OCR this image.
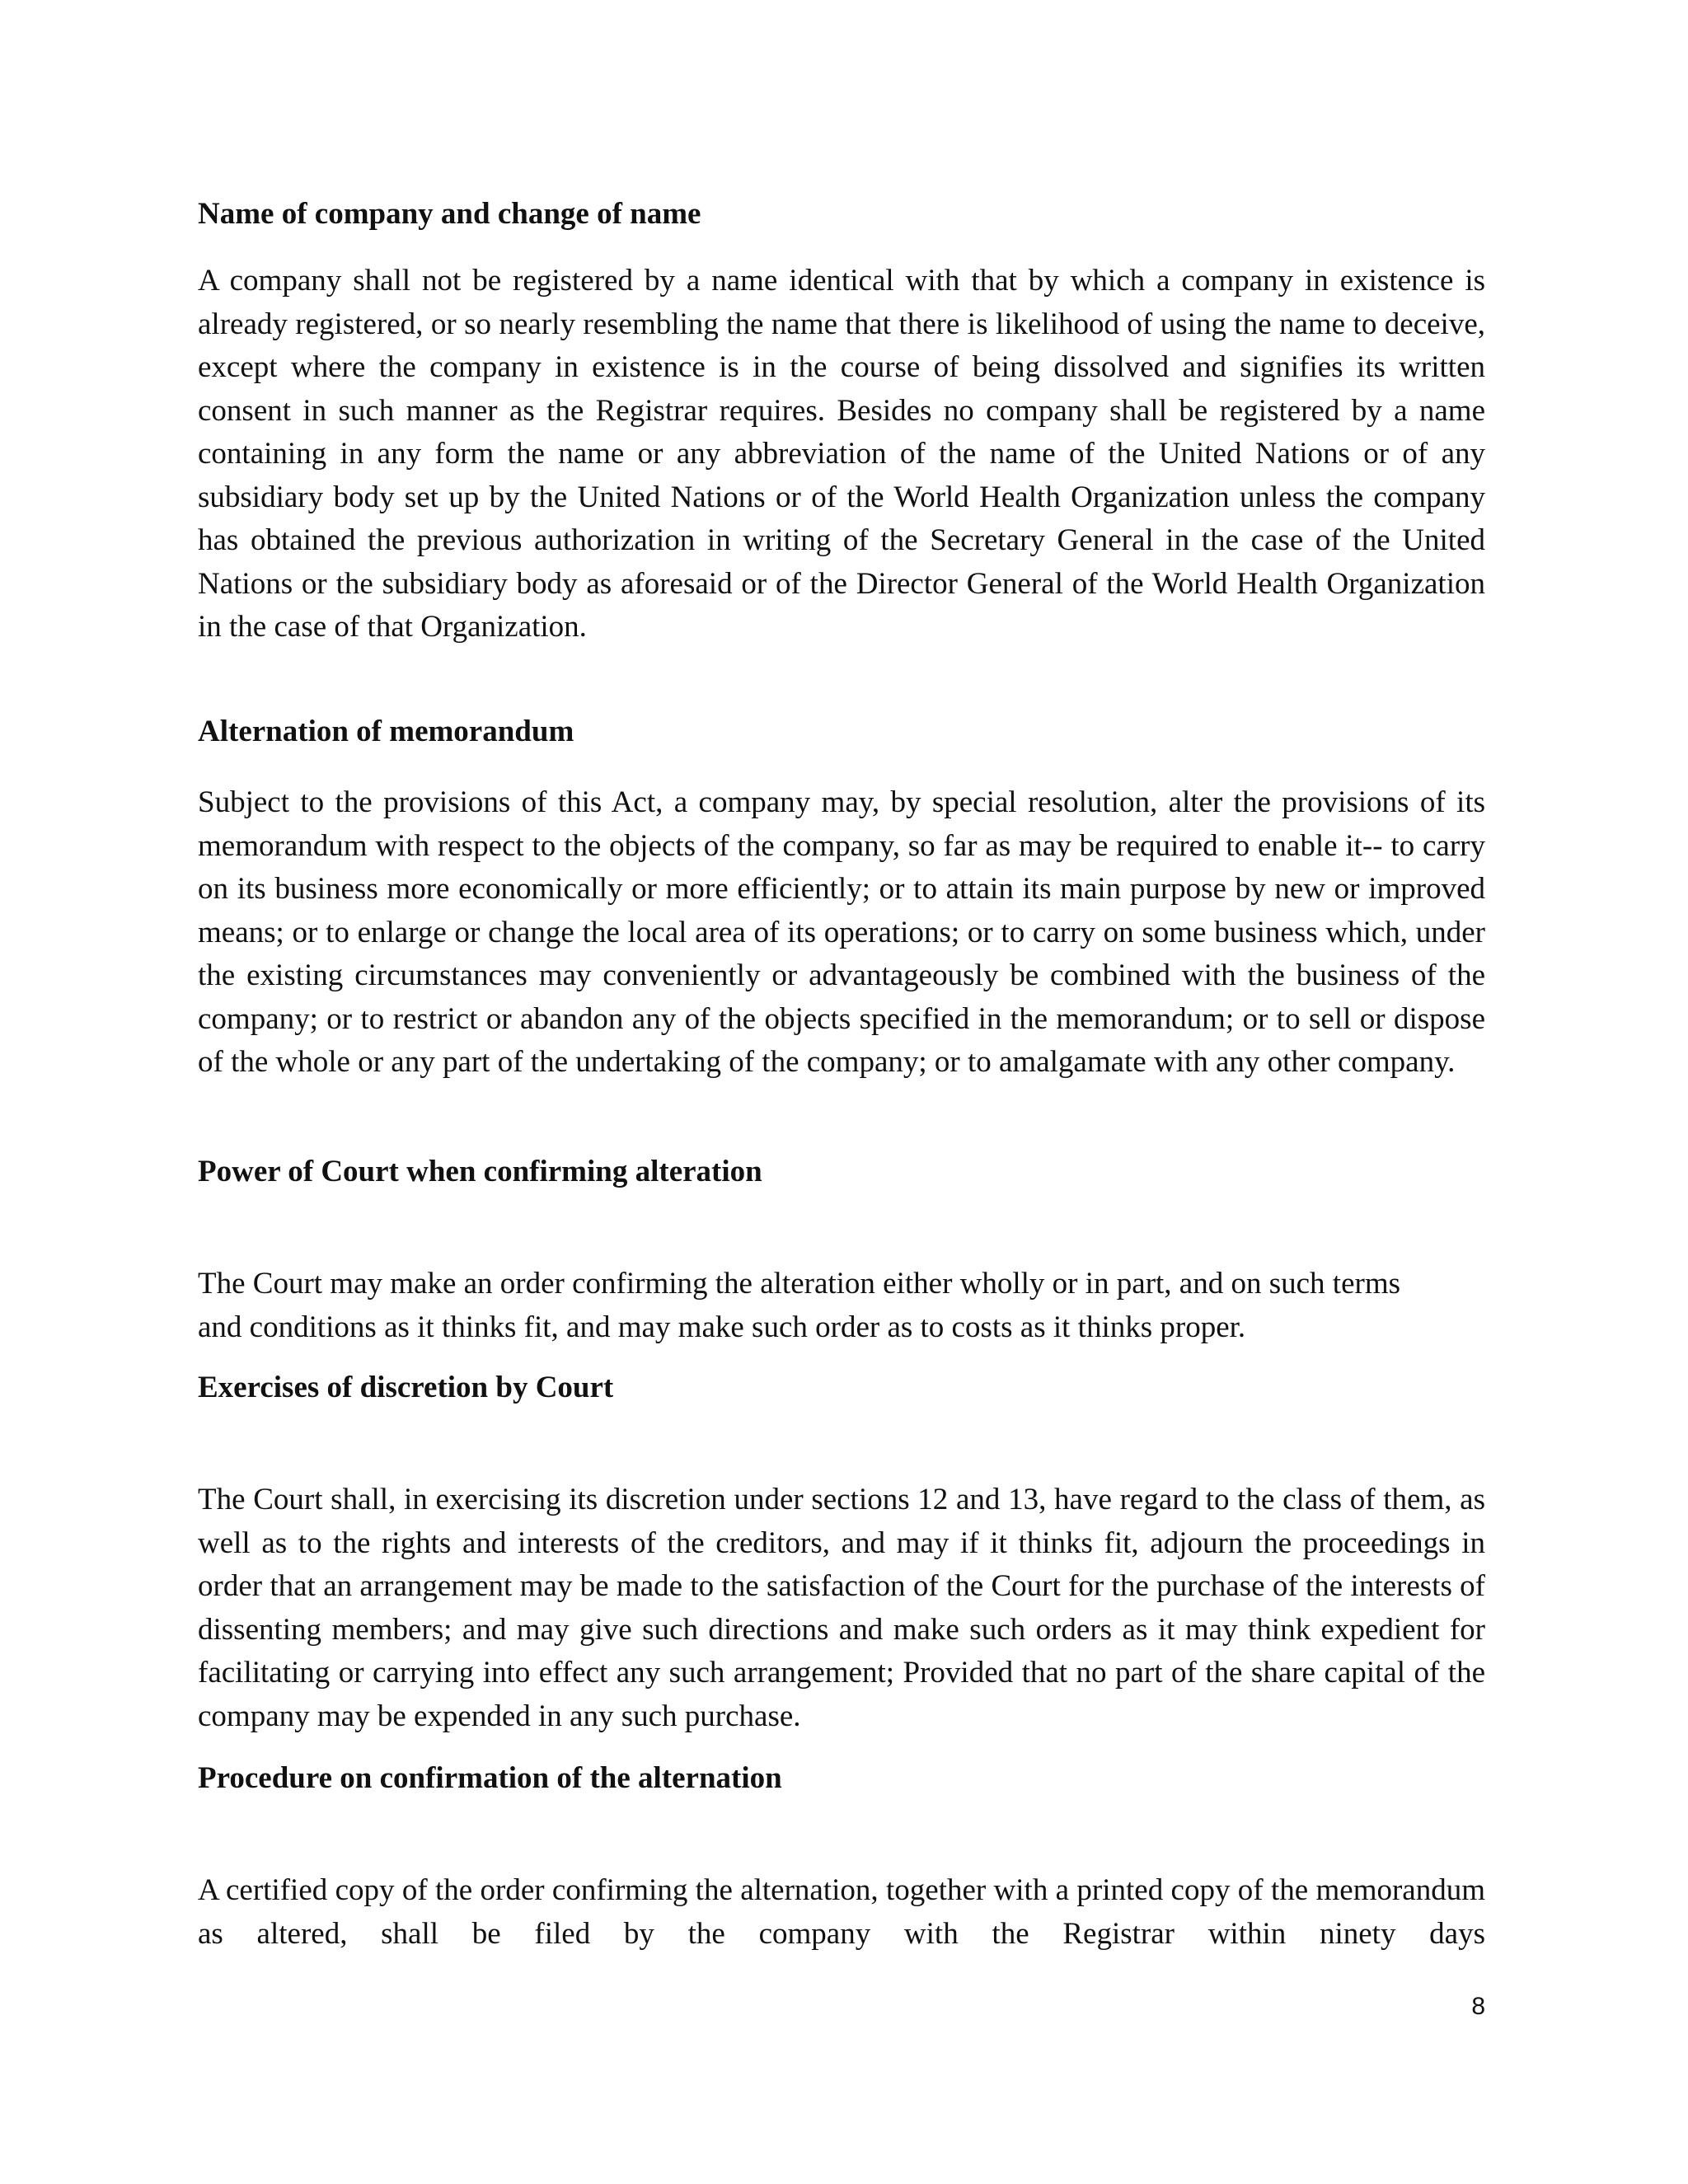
Name of company and change of name

A company shall not be registered by a name identical with that by which a company in existence is already registered, or so nearly resembling the name that there is likelihood of using the name to deceive, except where the company in existence is in the course of being dissolved and signifies its written consent in such manner as the Registrar requires. Besides no company shall be registered by a name containing in any form the name or any abbreviation of the name of the United Nations or of any subsidiary body set up by the United Nations or of the World Health Organization unless the company has obtained the previous authorization in writing of the Secretary General in the case of the United Nations or the subsidiary body as aforesaid or of the Director General of the World Health Organization in the case of that Organization.

Alternation of memorandum

Subject to the provisions of this Act, a company may, by special resolution, alter the provisions of its memorandum with respect to the objects of the company, so far as may be required to enable it-- to carry on its business more economically or more efficiently; or to attain its main purpose by new or improved means; or to enlarge or change the local area of its operations; or to carry on some business which, under the existing circumstances may conveniently or advantageously be combined with the business of the company; or to restrict or abandon any of the objects specified in the memorandum; or to sell or dispose of the whole or any part of the undertaking of the company; or to amalgamate with any other company.

Power of Court when confirming alteration

The Court may make an order confirming the alteration either wholly or in part, and on such terms and conditions as it thinks fit, and may make such order as to costs as it thinks proper.

Exercises of discretion by Court

The Court shall, in exercising its discretion under sections 12 and 13, have regard to the class of them, as well as to the rights and interests of the creditors, and may if it thinks fit, adjourn the proceedings in order that an arrangement may be made to the satisfaction of the Court for the purchase of the interests of dissenting members; and may give such directions and make such orders as it may think expedient for facilitating or carrying into effect any such arrangement; Provided that no part of the share capital of the company may be expended in any such purchase.

Procedure on confirmation of the alternation

A certified copy of the order confirming the alternation, together with a printed copy of the memorandum as altered, shall be filed by the company with the Registrar within ninety days

8
